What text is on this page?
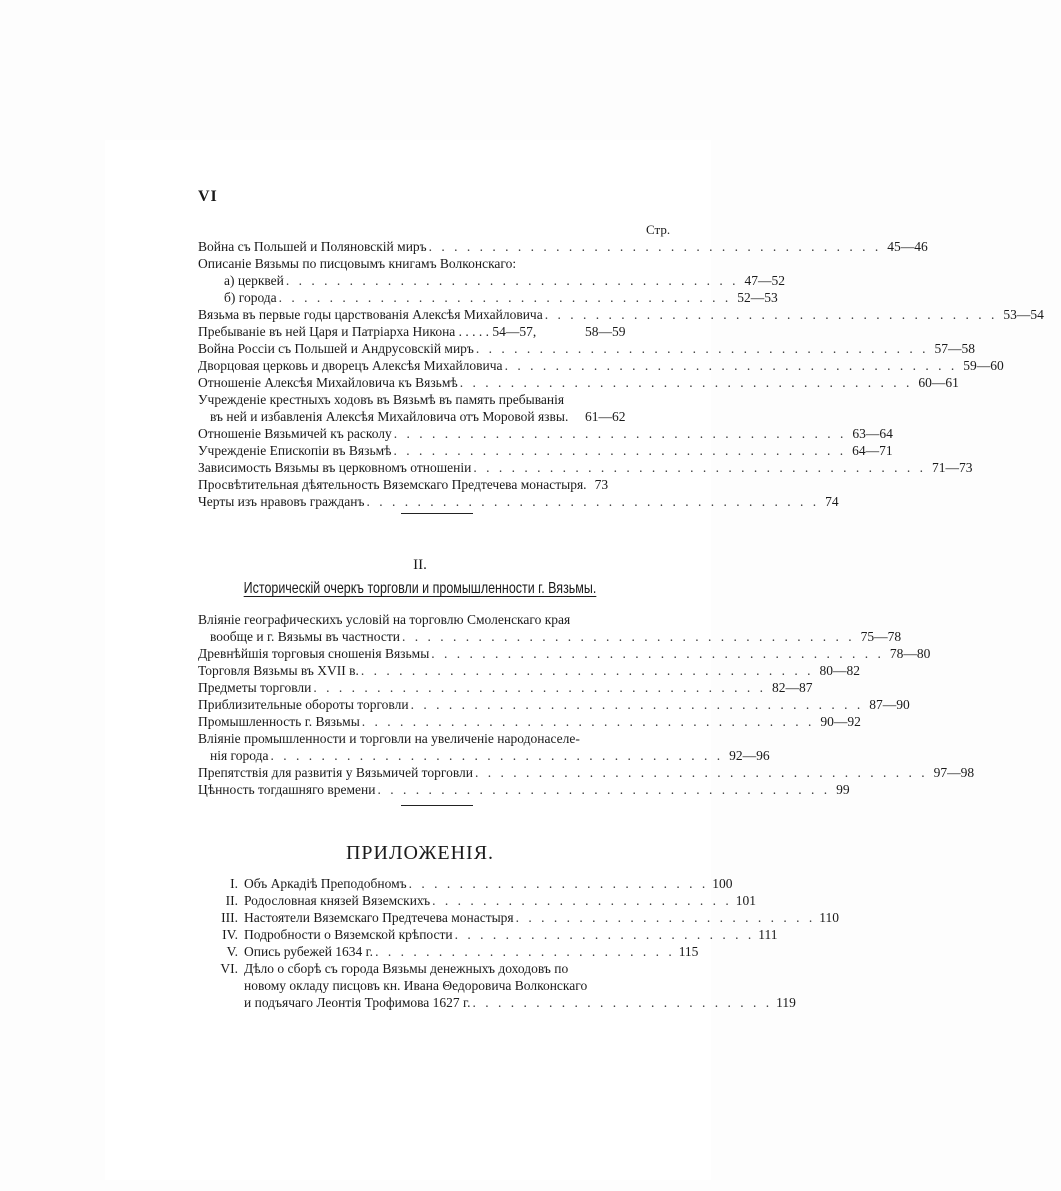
VI
Стр.
Война съ Польшей и Поляновскій миръ . . . . . . . . . . . . . . . . . . . . . . . . . . . . . . . . . . . . 45—46
Описаніе Вязьмы по писцовымъ книгамъ Волконскаго:
а) церквей . . . . . . . . . . . . . . . . . . . . . . . . . . . . . . . . . . . . 47—52
б) города . . . . . . . . . . . . . . . . . . . . . . . . . . . . . . . . . . . . 52—53
Вязьма въ первые годы царствованія Алексѣя Михайловича . . . . . . . . . . . . . . . . . . . . . . . . . . . . . . . . . . . . 53—54
Пребываніе въ ней Царя и Патріарха Никона . . . . . 54—57,	58—59
Война Россіи съ Польшей и Андрусовскій миръ . . . . . . . . . . . . . . . . . . . . . . . . . . . . . . . . . . . . 57—58
Дворцовая церковь и дворецъ Алексѣя Михайловича . . . . . . . . . . . . . . . . . . . . . . . . . . . . . . . . . . . . 59—60
Отношеніе Алексѣя Михайловича къ Вязьмѣ . . . . . . . . . . . . . . . . . . . . . . . . . . . . . . . . . . . . 60—61
Учрежденіе крестныхъ ходовъ въ Вязьмѣ въ память пребыванія
въ ней и избавленія Алексѣя Михайловича отъ Моровой язвы. 61—62
Отношеніе Вязьмичей къ расколу . . . . . . . . . . . . . . . . . . . . . . . . . . . . . . . . . . . . 63—64
Учрежденіе Епископіи въ Вязьмѣ . . . . . . . . . . . . . . . . . . . . . . . . . . . . . . . . . . . . 64—71
Зависимость Вязьмы въ церковномъ отношеніи . . . . . . . . . . . . . . . . . . . . . . . . . . . . . . . . . . . . 71—73
Просвѣтительная дѣятельность Вяземскаго Предтечева монастыря. 73
Черты изъ нравовъ гражданъ . . . . . . . . . . . . . . . . . . . . . . . . . . . . . . . . . . . . 74
II.
Историческій очеркъ торговли и промышленности г. Вязьмы.
Вліяніе географическихъ условій на торговлю Смоленскаго края
вообще и г. Вязьмы въ частности . . . . . . . . . . . . . . . . . . . . . . . . . . . . . . . . . . . . 75—78
Древнѣйшія торговыя сношенія Вязьмы . . . . . . . . . . . . . . . . . . . . . . . . . . . . . . . . . . . . 78—80
Торговля Вязьмы въ XVII в. . . . . . . . . . . . . . . . . . . . . . . . . . . . . . . . . . . . . 80—82
Предметы торговли . . . . . . . . . . . . . . . . . . . . . . . . . . . . . . . . . . . . 82—87
Приблизительные обороты торговли . . . . . . . . . . . . . . . . . . . . . . . . . . . . . . . . . . . . 87—90
Промышленность г. Вязьмы . . . . . . . . . . . . . . . . . . . . . . . . . . . . . . . . . . . . 90—92
Вліяніе промышленности и торговли на увеличеніе народонаселе-
нія города . . . . . . . . . . . . . . . . . . . . . . . . . . . . . . . . . . . . 92—96
Препятствія для развитія у Вязьмичей торговли . . . . . . . . . . . . . . . . . . . . . . . . . . . . . . . . . . . . 97—98
Цѣнность тогдашняго времени . . . . . . . . . . . . . . . . . . . . . . . . . . . . . . . . . . . . 99
ПРИЛОЖЕНІЯ.
I. Объ Аркадіѣ Преподобномъ . . . . . . . . . . . . . . . . . . . . . . . . 100
II. Родословная князей Вяземскихъ . . . . . . . . . . . . . . . . . . . . . . . . 101
III. Настоятели Вяземскаго Предтечева монастыря . . . . . . . . . . . . . . . . . . . . . . . . 110
IV. Подробности о Вяземской крѣпости . . . . . . . . . . . . . . . . . . . . . . . . 111
V. Опись рубежей 1634 г. . . . . . . . . . . . . . . . . . . . . . . . . 115
VI. Дѣло о сборѣ съ города Вязьмы денежныхъ доходовъ по
новому окладу писцовъ кн. Ивана Θедоровича Волконскаго
и подъячаго Леонтія Трофимова 1627 г. . . . . . . . . . . . . . . . . . . . . . . . . 119
